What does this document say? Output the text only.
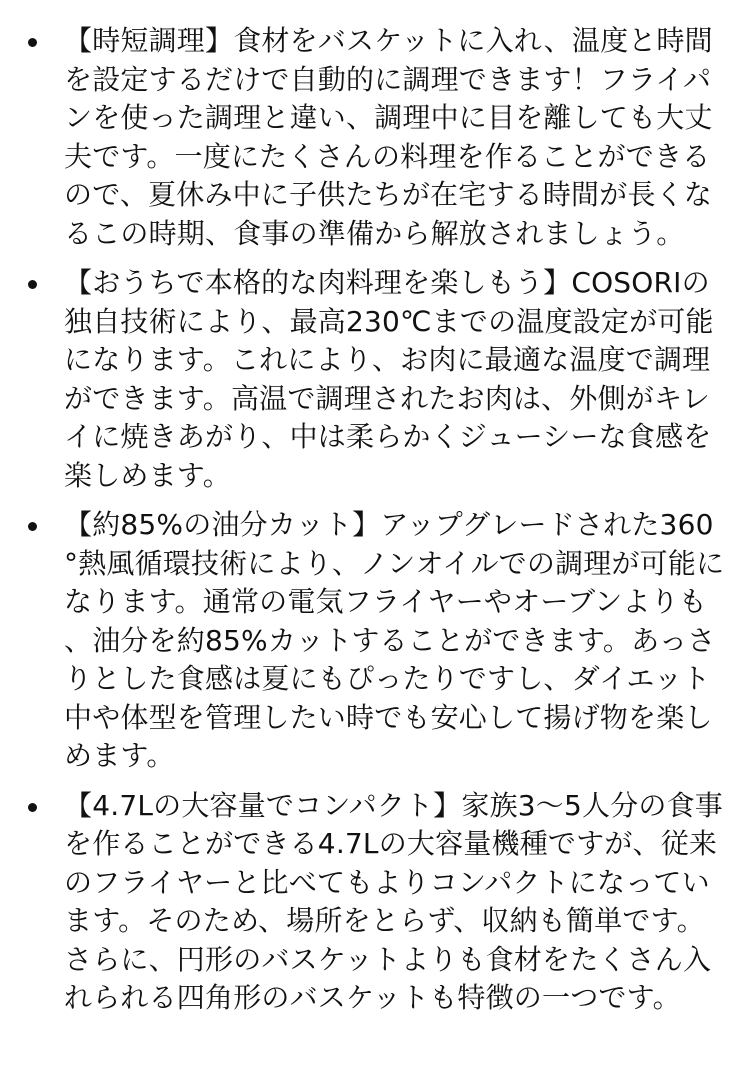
【時短調理】食材をバスケットに入れ、温度と時間を設定するだけで自動的に調理できます！フライパンを使った調理と違い、調理中に目を離しても大丈夫です。一度にたくさんの料理を作ることができるので、夏休み中に子供たちが在宅する時間が長くなるこの時期、食事の準備から解放されましょう。
【おうちで本格的な肉料理を楽しもう】COSORIの独自技術により、最高230℃までの温度設定が可能になります。これにより、お肉に最適な温度で調理ができます。高温で調理されたお肉は、外側がキレイに焼きあがり、中は柔らかくジューシーな食感を楽しめます。
【約85%の油分カット】アップグレードされた360°熱風循環技術により、ノンオイルでの調理が可能になります。通常の電気フライヤーやオーブンよりも、油分を約85%カットすることができます。あっさりとした食感は夏にもぴったりですし、ダイエット中や体型を管理したい時でも安心して揚げ物を楽しめます。
【4.7Lの大容量でコンパクト】家族3〜5人分の食事を作ることができる4.7Lの大容量機種ですが、従来のフライヤーと比べてもよりコンパクトになっています。そのため、場所をとらず、収納も簡単です。さらに、円形のバスケットよりも食材をたくさん入れられる四角形のバスケットも特徴の一つです。
